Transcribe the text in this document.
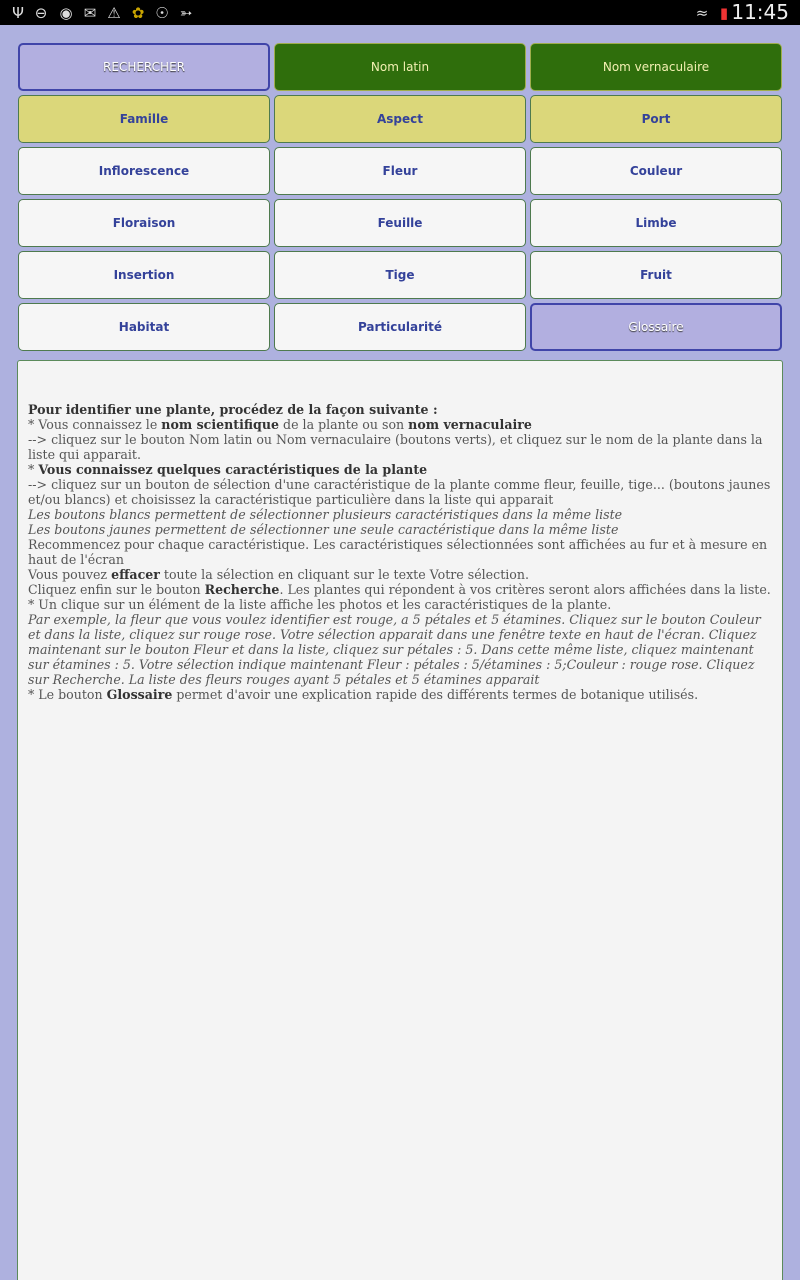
Ψ ⊖ ◉ ✉ ⚠ ✿ ☉ ➳	≈ ▮ 11:45
RECHERCHER	Nom latin	Nom vernaculaire
Famille	Aspect	Port
Inflorescence	Fleur	Couleur
Floraison	Feuille	Limbe
Insertion	Tige	Fruit
Habitat	Particularité	Glossaire

Pour identifier une plante, procédez de la façon suivante :

* Vous connaissez le nom scientifique de la plante ou son nom vernaculaire

--> cliquez sur le bouton Nom latin ou Nom vernaculaire (boutons verts), et cliquez sur le nom de la plante dans la liste qui apparait.

* Vous connaissez quelques caractéristiques de la plante

--> cliquez sur un bouton de sélection d'une caractéristique de la plante comme fleur, feuille, tige... (boutons jaunes et/ou blancs) et choisissez la caractéristique particulière dans la liste qui apparait

Les boutons blancs permettent de sélectionner plusieurs caractéristiques dans la même liste

Les boutons jaunes permettent de sélectionner une seule caractéristique dans la même liste

Recommencez pour chaque caractéristique. Les caractéristiques sélectionnées sont affichées au fur et à mesure en haut de l'écran

Vous pouvez effacer toute la sélection en cliquant sur le texte Votre sélection.

Cliquez enfin sur le bouton Recherche. Les plantes qui répondent à vos critères seront alors affichées dans la liste.

* Un clique sur un élément de la liste affiche les photos et les caractéristiques de la plante.

Par exemple, la fleur que vous voulez identifier est rouge, a 5 pétales et 5 étamines. Cliquez sur le bouton Couleur et dans la liste, cliquez sur rouge rose. Votre sélection apparait dans une fenêtre texte en haut de l'écran. Cliquez maintenant sur le bouton Fleur et dans la liste, cliquez sur pétales : 5. Dans cette même liste, cliquez maintenant sur étamines : 5. Votre sélection indique maintenant Fleur : pétales : 5/étamines : 5;Couleur : rouge rose. Cliquez sur Recherche. La liste des fleurs rouges ayant 5 pétales et 5 étamines apparait

* Le bouton Glossaire permet d'avoir une explication rapide des différents termes de botanique utilisés.
